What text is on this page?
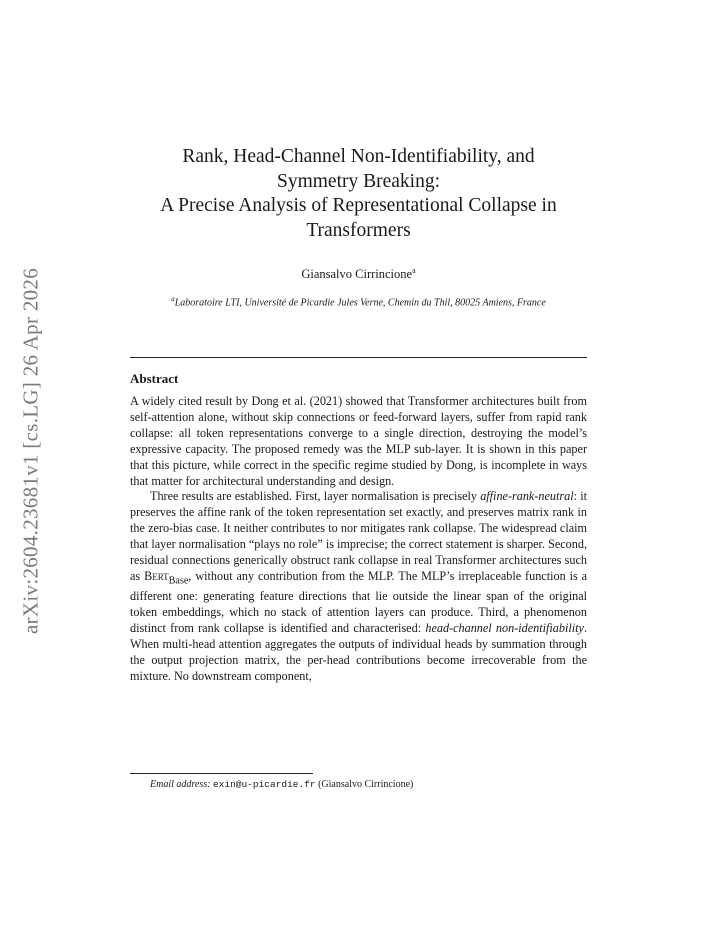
arXiv:2604.23681v1 [cs.LG] 26 Apr 2026
Rank, Head-Channel Non-Identifiability, and
Symmetry Breaking:
A Precise Analysis of Representational Collapse in
Transformers
Giansalvo Cirrincione$^a$
$^a$Laboratoire LTI, Université de Picardie Jules Verne, Chemin du Thil, 80025 Amiens, France
Abstract

A widely cited result by Dong et al. (2021) showed that Transformer architectures built from self-attention alone, without skip connections or feed-forward layers, suffer from rapid rank collapse: all token representations converge to a single direction, destroying the model’s expressive capacity. The proposed remedy was the MLP sub-layer. It is shown in this paper that this picture, while correct in the specific regime studied by Dong, is incomplete in ways that matter for architectural understanding and design.

Three results are established. First, layer normalisation is precisely affine-rank-neutral: it preserves the affine rank of the token representation set exactly, and preserves matrix rank in the zero-bias case. It neither contributes to nor mitigates rank collapse. The widespread claim that layer normalisation “plays no role” is imprecise; the correct statement is sharper. Second, residual connections generically obstruct rank collapse in real Transformer architectures such as Bert$_{Base}$, without any contribution from the MLP. The MLP’s irreplaceable function is a different one: generating feature directions that lie outside the linear span of the original token embeddings, which no stack of attention layers can produce. Third, a phenomenon distinct from rank collapse is identified and characterised: head-channel non-identifiability. When multi-head attention aggregates the outputs of individual heads by summation through the output projection matrix, the per-head contributions become irrecoverable from the mixture. No downstream component,

Email address: exin@u-picardie.fr (Giansalvo Cirrincione)
